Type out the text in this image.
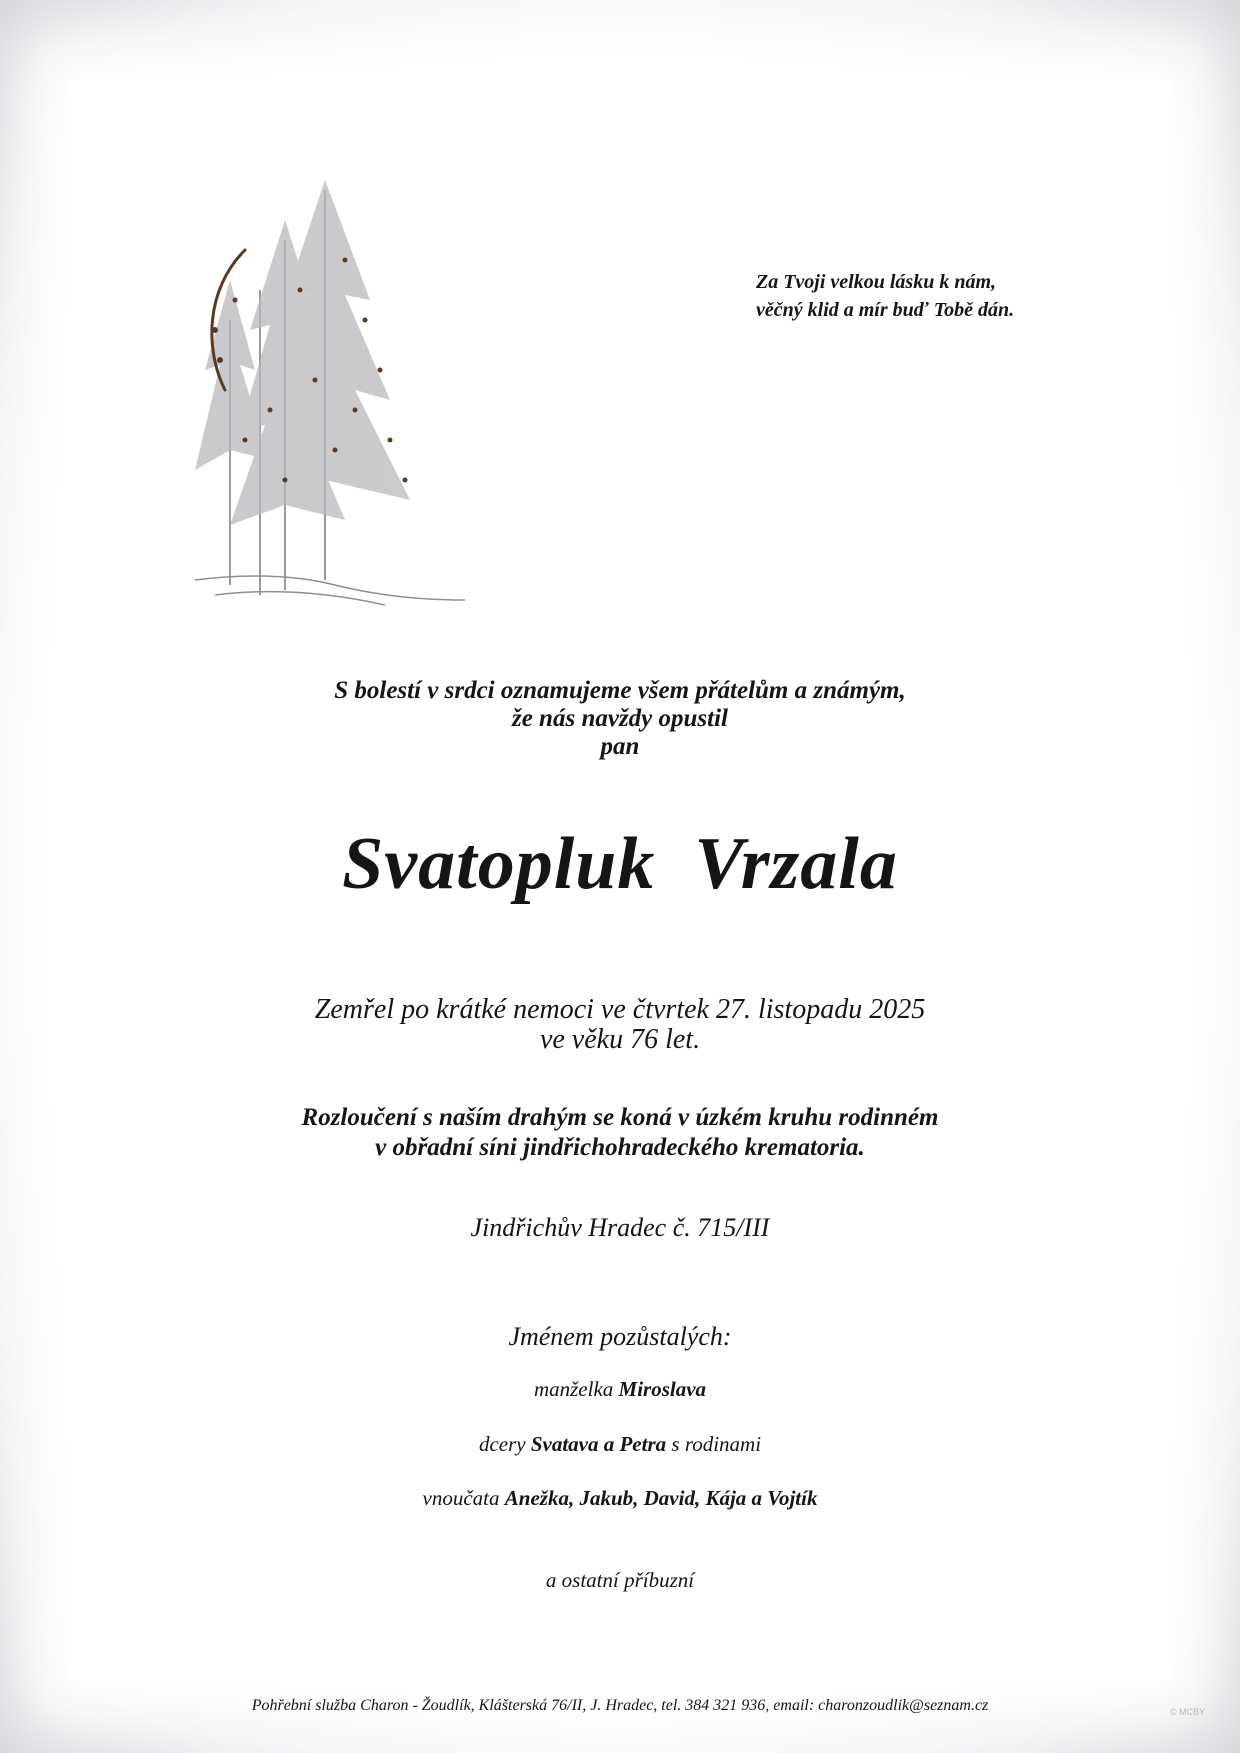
Za Tvoji velkou lásku k nám,
věčný klid a mír buď Tobě dán.
S bolestí v srdci oznamujeme všem přátelům a známým,
že nás navždy opustil
pan
Svatopluk Vrzala
Zemřel po krátké nemoci ve čtvrtek 27. listopadu 2025
ve věku 76 let.
Rozloučení s naším drahým se koná v úzkém kruhu rodinném
v obřadní síni jindřichohradeckého krematoria.
Jindřichův Hradec č. 715/III
Jménem pozůstalých:
manželka Miroslava
dcery Svatava a Petra s rodinami
vnoučata Anežka, Jakub, David, Kája a Vojtík
a ostatní příbuzní
Pohřební služba Charon - Žoudlík, Klášterská 76/II, J. Hradec, tel. 384 321 936, email: charonzoudlik@seznam.cz	© MCBY
